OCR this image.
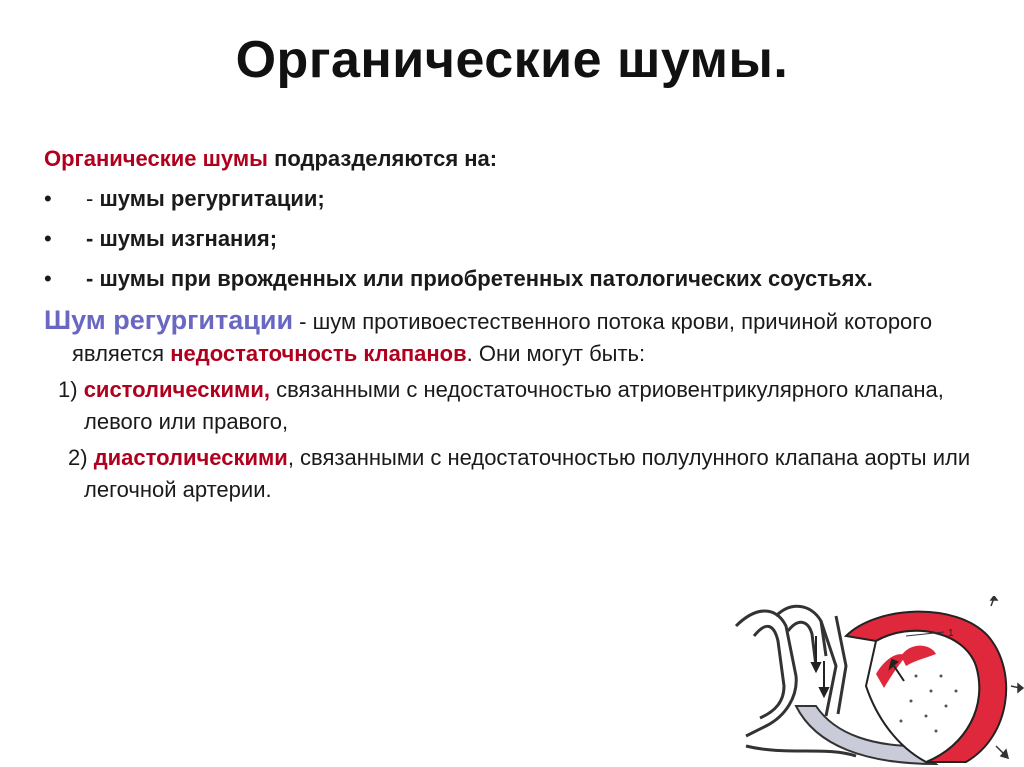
Органические шумы.

Органические шумы подразделяются на:

• - шумы регургитации;
• - шумы изгнания;
• - шумы при врожденных или приобретенных патологических соустьях.
Шум регургитации - шум противоестественного потока крови, причиной которого является недостаточность клапанов. Они могут быть:
1) систолическими, связанными с недостаточностью атриовентрикулярного клапана, левого или правого,
2) диастолическими, связанными с недостаточностью полулунного клапана аорты или легочной артерии.
1
